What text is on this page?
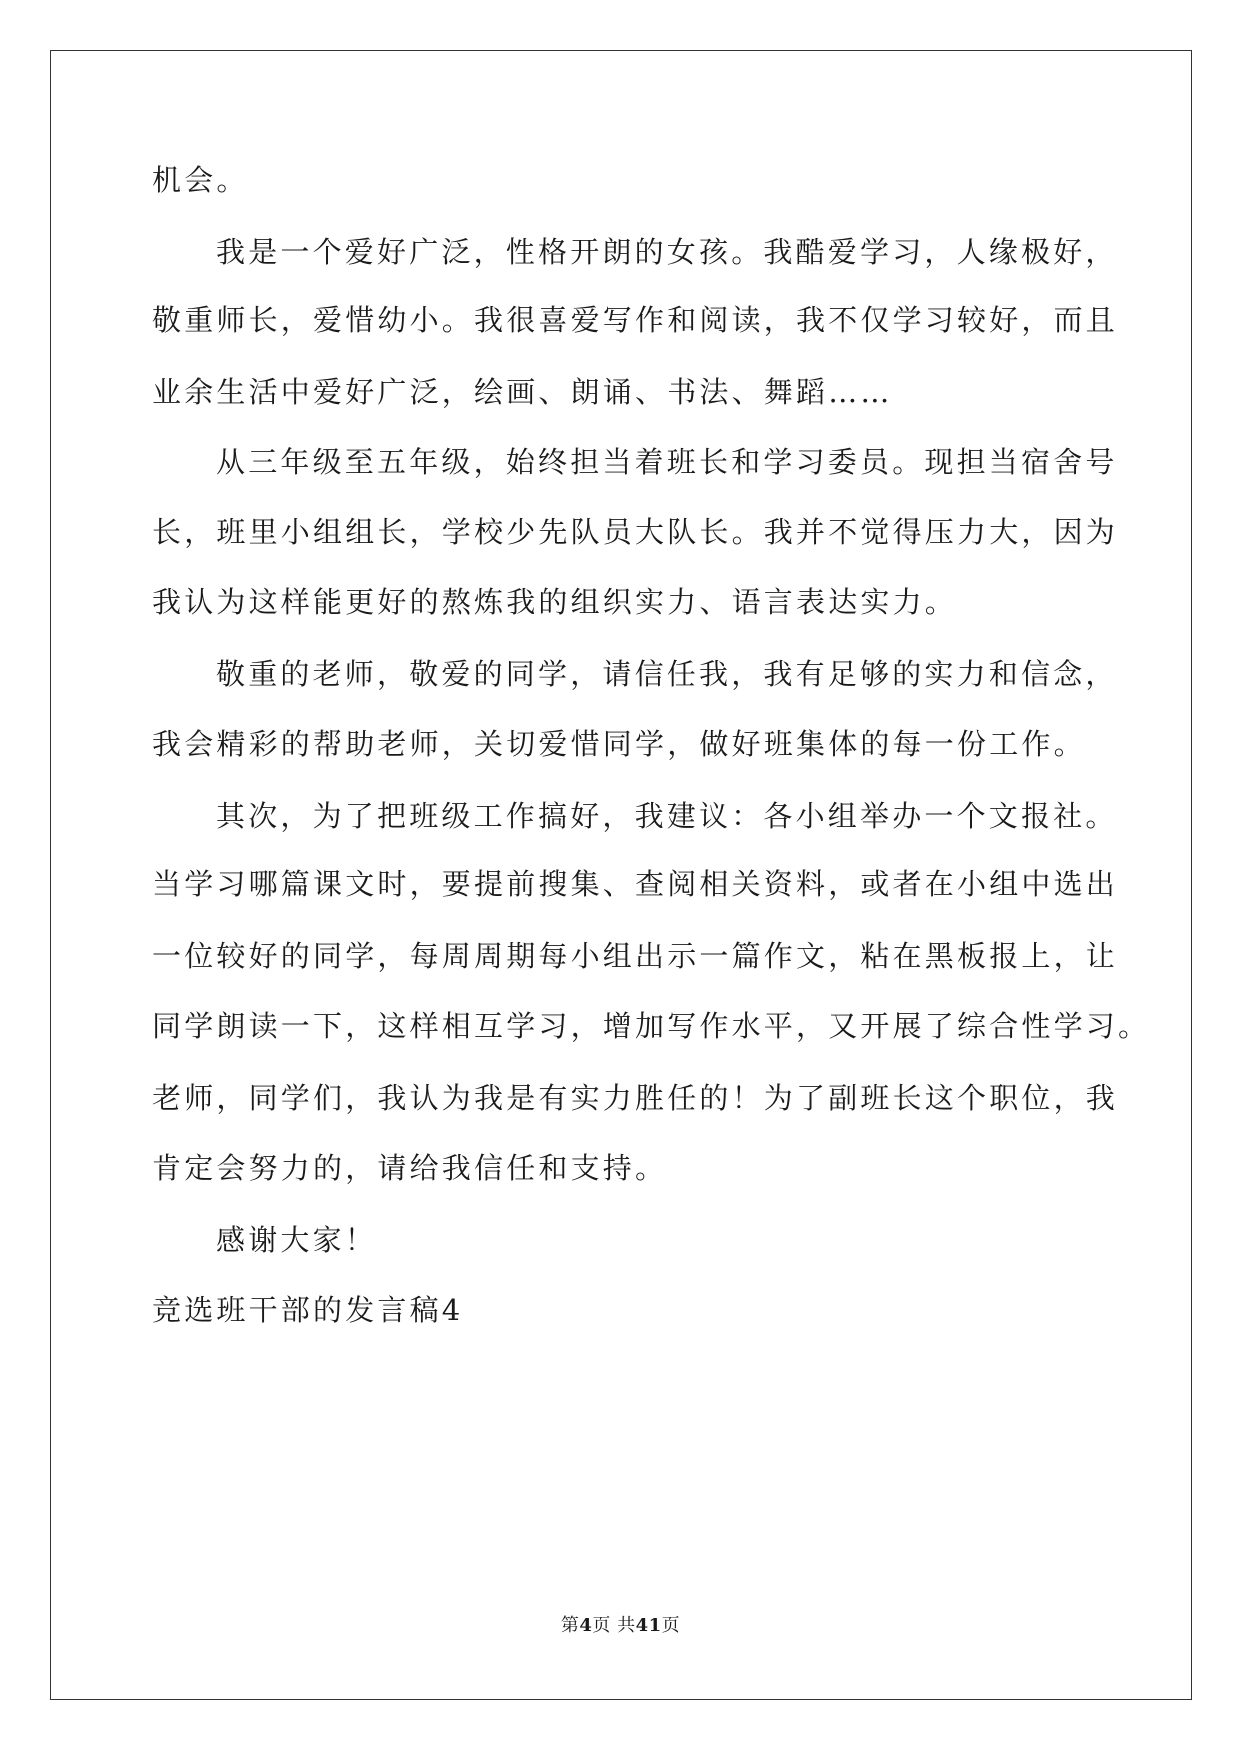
机会。
我是一个爱好广泛，性格开朗的女孩。我酷爱学习，人缘极好，
敬重师长，爱惜幼小。我很喜爱写作和阅读，我不仅学习较好，而且
业余生活中爱好广泛，绘画、朗诵、书法、舞蹈……
从三年级至五年级，始终担当着班长和学习委员。现担当宿舍号
长，班里小组组长，学校少先队员大队长。我并不觉得压力大，因为
我认为这样能更好的熬炼我的组织实力、语言表达实力。
敬重的老师，敬爱的同学，请信任我，我有足够的实力和信念，
我会精彩的帮助老师，关切爱惜同学，做好班集体的每一份工作。
其次，为了把班级工作搞好，我建议：各小组举办一个文报社。
当学习哪篇课文时，要提前搜集、查阅相关资料，或者在小组中选出
一位较好的同学，每周周期每小组出示一篇作文，粘在黑板报上，让
同学朗读一下，这样相互学习，增加写作水平，又开展了综合性学习。
老师，同学们，我认为我是有实力胜任的！为了副班长这个职位，我
肯定会努力的，请给我信任和支持。
感谢大家！
竞选班干部的发言稿4
第4页 共41页
